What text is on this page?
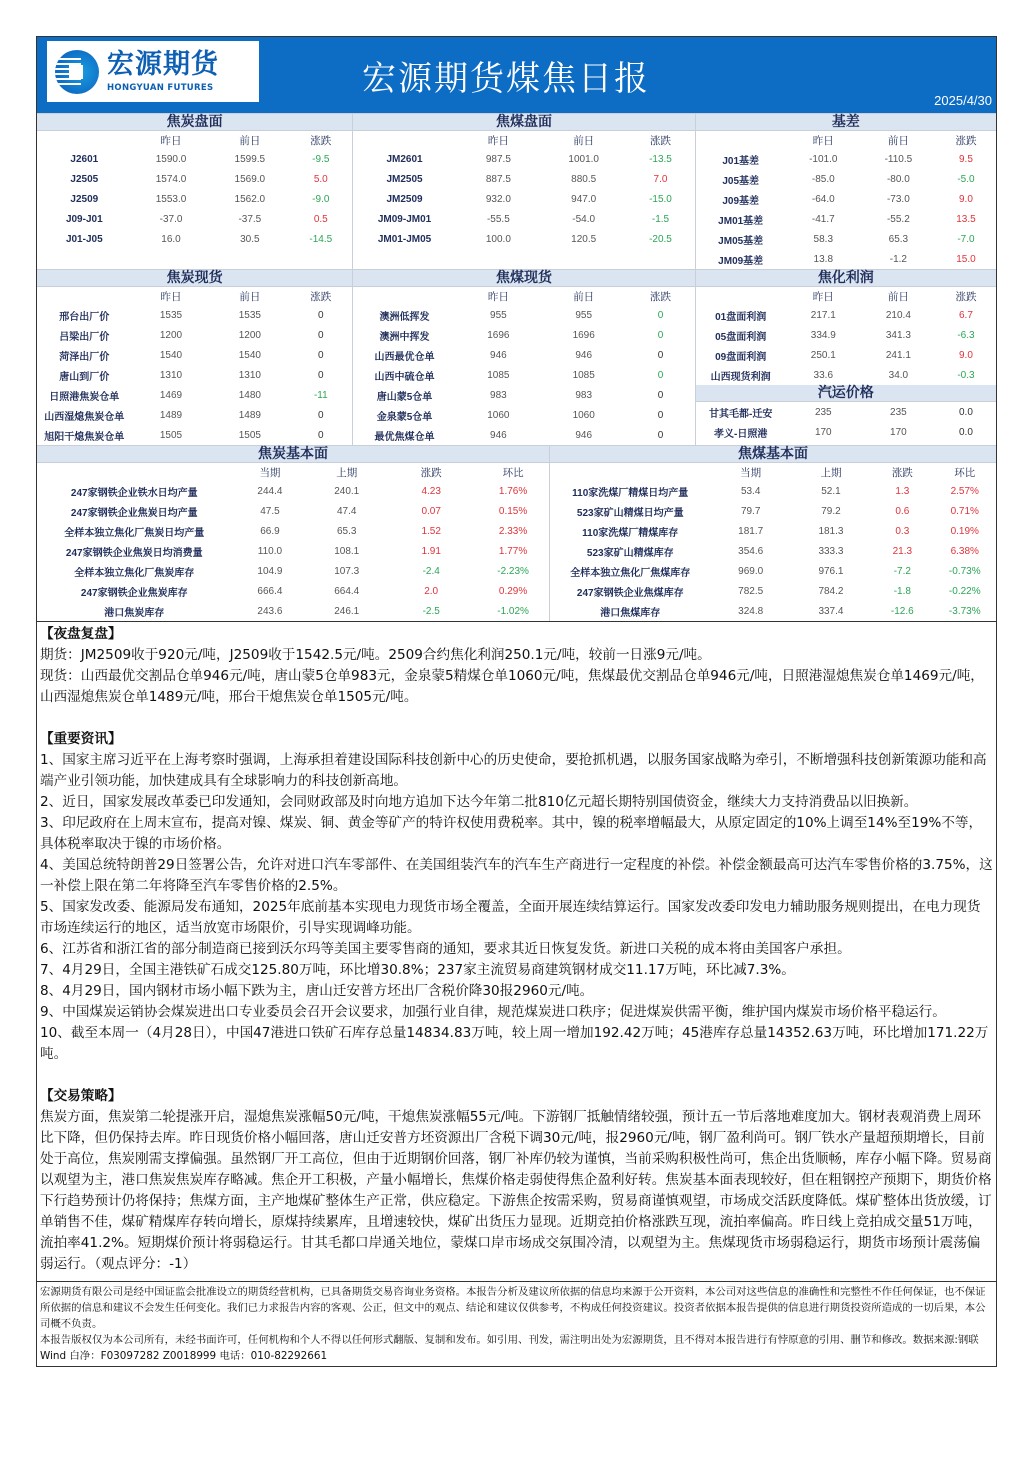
宏源期货
HONGYUAN FUTURES	宏源期货煤焦日报
2025/4/30
焦炭盘面
	昨日	前日	涨跌
J2601	1590.0	1599.5	-9.5
J2505	1574.0	1569.0	5.0
J2509	1553.0	1562.0	-9.0
J09-J01	-37.0	-37.5	0.5
J01-J05	16.0	30.5	-14.5

焦煤盘面
	昨日	前日	涨跌
JM2601	987.5	1001.0	-13.5
JM2505	887.5	880.5	7.0
JM2509	932.0	947.0	-15.0
JM09-JM01	-55.5	-54.0	-1.5
JM01-JM05	100.0	120.5	-20.5

基差
	昨日	前日	涨跌
J01基差	-101.0	-110.5	9.5
J05基差	-85.0	-80.0	-5.0
J09基差	-64.0	-73.0	9.0
JM01基差	-41.7	-55.2	13.5
JM05基差	58.3	65.3	-7.0
JM09基差	13.8	-1.2	15.0
焦炭现货
	昨日	前日	涨跌
邢台出厂价	1535	1535	0
吕梁出厂价	1200	1200	0
菏泽出厂价	1540	1540	0
唐山到厂价	1310	1310	0
日照港焦炭仓单	1469	1480	-11
山西湿熄焦炭仓单	1489	1489	0
旭阳干熄焦炭仓单	1505	1505	0
焦煤现货
	昨日	前日	涨跌
澳洲低挥发	955	955	0
澳洲中挥发	1696	1696	0
山西最优仓单	946	946	0
山西中硫仓单	1085	1085	0
唐山蒙5仓单	983	983	0
金泉蒙5仓单	1060	1060	0
最优焦煤仓单	946	946	0
焦化利润
	昨日	前日	涨跌
01盘面利润	217.1	210.4	6.7
05盘面利润	334.9	341.3	-6.3
09盘面利润	250.1	241.1	9.0
山西现货利润	33.6	34.0	-0.3
汽运价格
甘其毛都-迁安	235	235	0.0
孝义-日照港	170	170	0.0
焦炭基本面
	当期	上期	涨跌	环比
247家钢铁企业铁水日均产量	244.4	240.1	4.23	1.76%
247家钢铁企业焦炭日均产量	47.5	47.4	0.07	0.15%
全样本独立焦化厂焦炭日均产量	66.9	65.3	1.52	2.33%
247家钢铁企业焦炭日均消费量	110.0	108.1	1.91	1.77%
全样本独立焦化厂焦炭库存	104.9	107.3	-2.4	-2.23%
247家钢铁企业焦炭库存	666.4	664.4	2.0	0.29%
港口焦炭库存	243.6	246.1	-2.5	-1.02%
焦煤基本面
	当期	上期	涨跌	环比
110家洗煤厂精煤日均产量	53.4	52.1	1.3	2.57%
523家矿山精煤日均产量	79.7	79.2	0.6	0.71%
110家洗煤厂精煤库存	181.7	181.3	0.3	0.19%
523家矿山精煤库存	354.6	333.3	21.3	6.38%
全样本独立焦化厂焦煤库存	969.0	976.1	-7.2	-0.73%
247家钢铁企业焦煤库存	782.5	784.2	-1.8	-0.22%
港口焦煤库存	324.8	337.4	-12.6	-3.73%
【夜盘复盘】
期货：JM2509收于920元/吨，J2509收于1542.5元/吨。2509合约焦化利润250.1元/吨，较前一日涨9元/吨。
现货：山西最优交割品仓单946元/吨，唐山蒙5仓单983元，金泉蒙5精煤仓单1060元/吨，焦煤最优交割品仓单946元/吨，日照港湿熄焦炭仓单1469元/吨，山西湿熄焦炭仓单1489元/吨，邢台干熄焦炭仓单1505元/吨。
【重要资讯】
1、国家主席习近平在上海考察时强调，上海承担着建设国际科技创新中心的历史使命，要抢抓机遇，以服务国家战略为牵引，不断增强科技创新策源功能和高端产业引领功能，加快建成具有全球影响力的科技创新高地。
2、近日，国家发展改革委已印发通知，会同财政部及时向地方追加下达今年第二批810亿元超长期特别国债资金，继续大力支持消费品以旧换新。
3、印尼政府在上周末宣布，提高对镍、煤炭、铜、黄金等矿产的特许权使用费税率。其中，镍的税率增幅最大，从原定固定的10%上调至14%至19%不等，具体税率取决于镍的市场价格。
4、美国总统特朗普29日签署公告，允许对进口汽车零部件、在美国组装汽车的汽车生产商进行一定程度的补偿。补偿金额最高可达汽车零售价格的3.75%，这一补偿上限在第二年将降至汽车零售价格的2.5%。
5、国家发改委、能源局发布通知，2025年底前基本实现电力现货市场全覆盖，全面开展连续结算运行。国家发改委印发电力辅助服务规则提出，在电力现货市场连续运行的地区，适当放宽市场限价，引导实现调峰功能。
6、江苏省和浙江省的部分制造商已接到沃尔玛等美国主要零售商的通知，要求其近日恢复发货。新进口关税的成本将由美国客户承担。
7、4月29日，全国主港铁矿石成交125.80万吨，环比增30.8%；237家主流贸易商建筑钢材成交11.17万吨，环比减7.3%。
8、4月29日，国内钢材市场小幅下跌为主，唐山迁安普方坯出厂含税价降30报2960元/吨。
9、中国煤炭运销协会煤炭进出口专业委员会召开会议要求，加强行业自律，规范煤炭进口秩序；促进煤炭供需平衡，维护国内煤炭市场价格平稳运行。
10、截至本周一（4月28日），中国47港进口铁矿石库存总量14834.83万吨，较上周一增加192.42万吨；45港库存总量14352.63万吨，环比增加171.22万吨。
【交易策略】
焦炭方面，焦炭第二轮提涨开启，湿熄焦炭涨幅50元/吨，干熄焦炭涨幅55元/吨。下游钢厂抵触情绪较强，预计五一节后落地难度加大。钢材表观消费上周环比下降，但仍保持去库。昨日现货价格小幅回落，唐山迁安普方坯资源出厂含税下调30元/吨，报2960元/吨，钢厂盈利尚可。钢厂铁水产量超预期增长，目前处于高位，焦炭刚需支撑偏强。虽然钢厂开工高位，但由于近期钢价回落，钢厂补库仍较为谨慎，当前采购积极性尚可，焦企出货顺畅，库存小幅下降。贸易商以观望为主，港口焦炭焦炭库存略减。焦企开工积极，产量小幅增长，焦煤价格走弱使得焦企盈利好转。焦炭基本面表现较好，但在粗钢控产预期下，期货价格下行趋势预计仍将保持；焦煤方面，主产地煤矿整体生产正常，供应稳定。下游焦企按需采购，贸易商谨慎观望，市场成交活跃度降低。煤矿整体出货放缓，订单销售不佳，煤矿精煤库存转向增长，原煤持续累库，且增速较快，煤矿出货压力显现。近期竞拍价格涨跌互现，流拍率偏高。昨日线上竞拍成交量51万吨，流拍率41.2%。短期煤价预计将弱稳运行。甘其毛都口岸通关地位，蒙煤口岸市场成交氛围冷清，以观望为主。焦煤现货市场弱稳运行，期货市场预计震荡偏弱运行。（观点评分：-1）
宏源期货有限公司是经中国证监会批准设立的期货经营机构，已具备期货交易咨询业务资格。本报告分析及建议所依据的信息均来源于公开资料，本公司对这些信息的准确性和完整性不作任何保证，也不保证所依据的信息和建议不会发生任何变化。我们已力求报告内容的客观、公正，但文中的观点、结论和建议仅供参考，不构成任何投资建议。投资者依据本报告提供的信息进行期货投资所造成的一切后果，本公司概不负责。
本报告版权仅为本公司所有，未经书面许可，任何机构和个人不得以任何形式翻版、复制和发布。如引用、刊发，需注明出处为宏源期货，且不得对本报告进行有悖原意的引用、删节和修改。数据来源:钢联 Wind 白净：F03097282 Z0018999 电话：010-82292661
